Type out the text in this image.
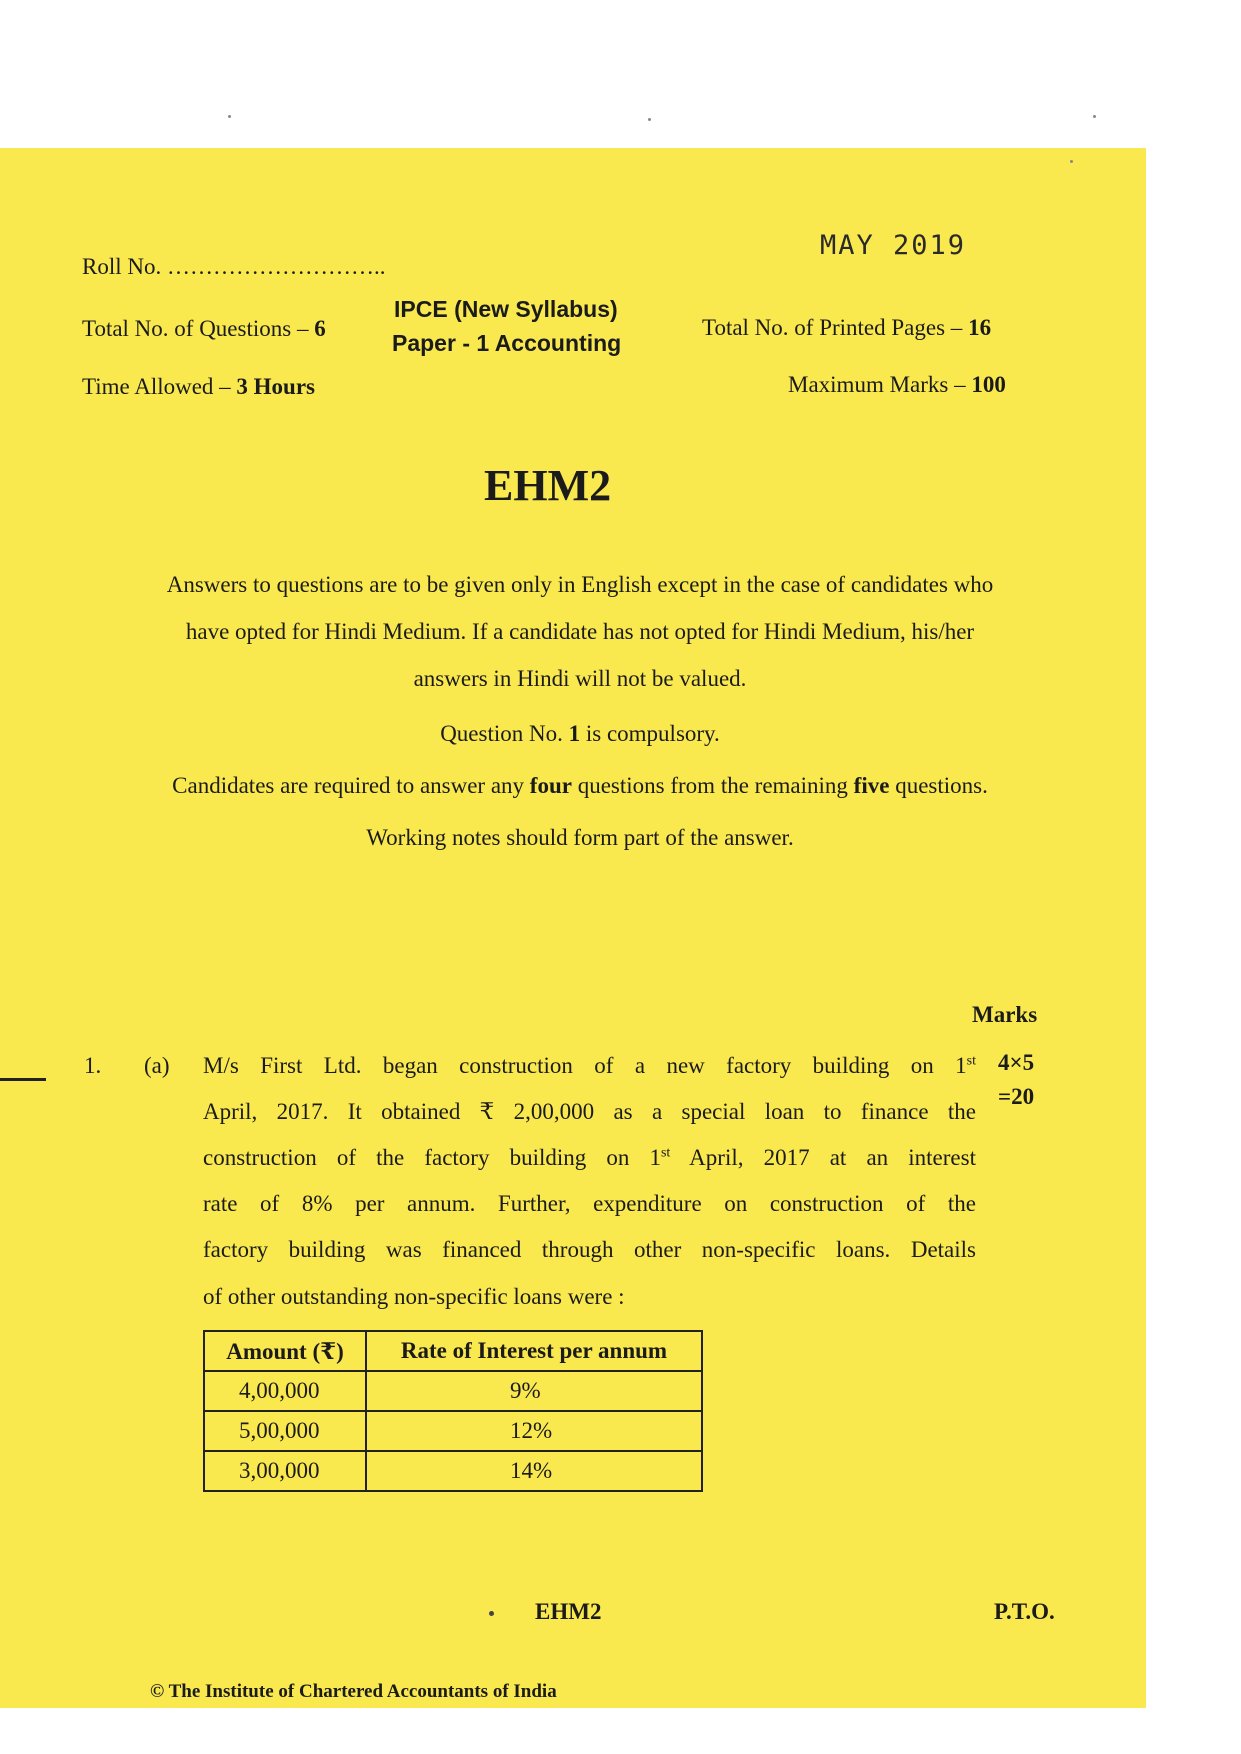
MAY 2019
Roll No. ………………………..
Total No. of Questions – 6
IPCE (New Syllabus)
Paper - 1 Accounting
Total No. of Printed Pages – 16
Time Allowed – 3 Hours	Maximum Marks – 100
EHM2
Answers to questions are to be given only in English except in the case of candidates who
have opted for Hindi Medium. If a candidate has not opted for Hindi Medium, his/her
answers in Hindi will not be valued.
Question No. 1 is compulsory.
Candidates are required to answer any four questions from the remaining five questions.
Working notes should form part of the answer.
Marks
1. (a) M/s First Ltd. began construction of a new factory building on 1st
April, 2017. It obtained ₹ 2,00,000 as a special loan to finance the
construction of the factory building on 1st April, 2017 at an interest
rate of 8% per annum. Further, expenditure on construction of the
factory building was financed through other non-specific loans. Details
of other outstanding non-specific loans were :
4×5
=20
Amount (₹)	Rate of Interest per annum
4,00,000	9%
5,00,000	12%
3,00,000	14%
EHM2	P.T.O.
© The Institute of Chartered Accountants of India
